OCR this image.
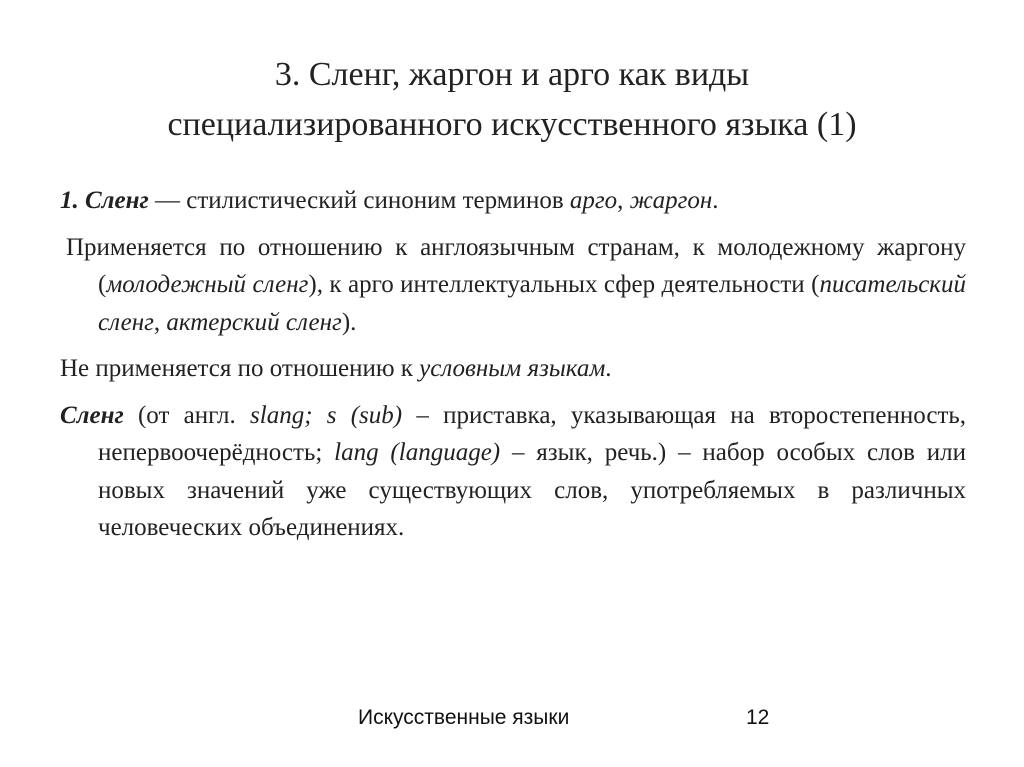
3. Сленг, жаргон и арго как виды
специализированного искусственного языка (1)

1. Сленг — стилистический синоним терминов арго, жаргон.

Применяется по отношению к англоязычным странам, к молодежному жаргону (молодежный сленг), к арго интеллектуальных сфер деятельности (писательский сленг, актерский сленг).

Не применяется по отношению к условным языкам.

Сленг (от англ. slang; s (sub) – приставка, указывающая на второстепенность, непервоочерёдность; lang (language) – язык, речь.) – набор особых слов или новых значений уже существующих слов, употребляемых в различных человеческих объединениях.

Искусственные языки	12
